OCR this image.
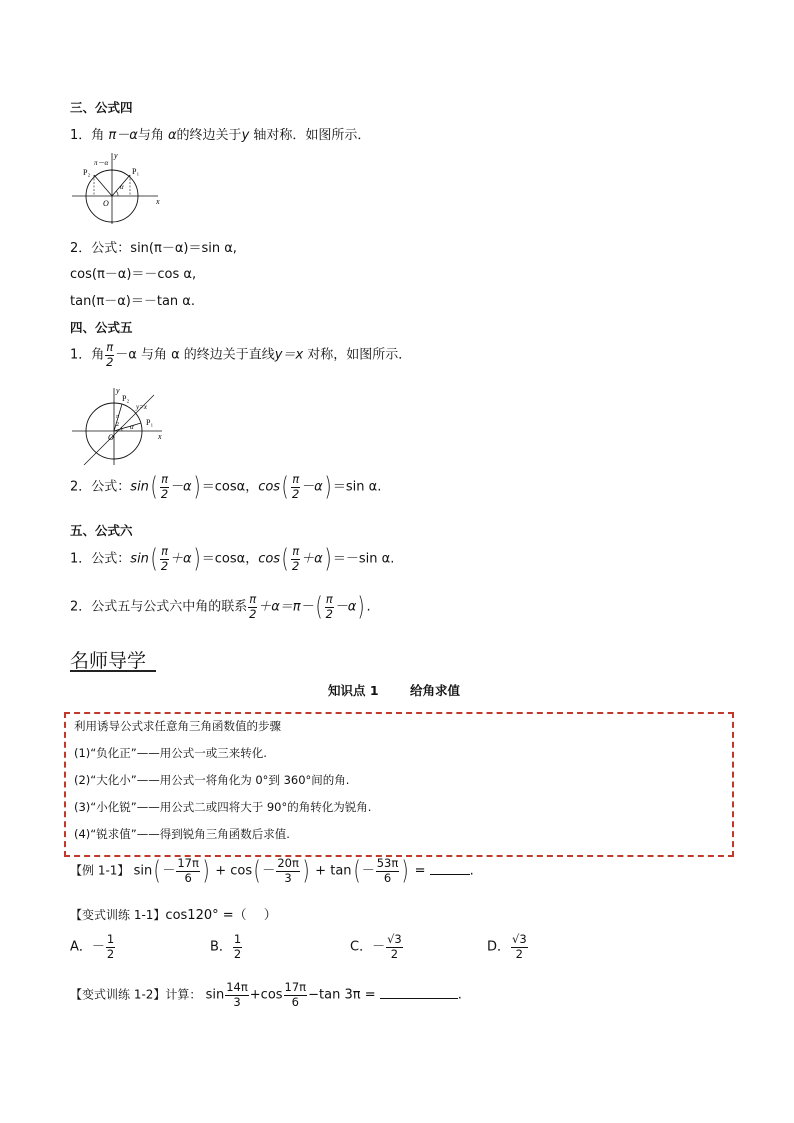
三、公式四
1．角 π－α与角 α的终边关于y 轴对称．如图所示．
P₂	P₁
y
x
O
π－α
α
2．公式：sin(π－α)＝sin α,
cos(π－α)＝－cos α,
tan(π－α)＝－tan α.
四、公式五
1．角 $\frac{\pi}{2} -\alpha$ 与角 α 的终边关于直线y＝x 对称，如图所示．
P₂
P₁
y
x
O
y=x
π
2 α
2．公式：$\sin( \frac{\pi}{2} -\alpha) =\cos\alpha$，$\cos( \frac{\pi}{2} -\alpha) =\sin$ α.
五、公式六
1．公式：$\sin( \frac{\pi}{2} +\alpha) =\cos\alpha$，$\cos( \frac{\pi}{2} +\alpha) =-\sin$ α.
2．公式五与公式六中角的联系 $\frac{\pi}{2} +\alpha=\pi-( \frac{\pi}{2} -\alpha)$ .
名师导学
知识点 1	给角求值
利用诱导公式求任意角三角函数值的步骤
(1)“负化正”——用公式一或三来转化.
(2)“大化小”——用公式一将角化为 0°到 360°间的角.
(3)“小化锐”——用公式二或四将大于 90°的角转化为锐角.
(4)“锐求值”——得到锐角三角函数后求值.
【例 1-1】 $\sin( - \frac{17\pi}{6}$ ) + $\cos( - \frac{20\pi}{3}$ ) + $\tan( - \frac{53\pi}{6}$ ) =	.
【变式训练 1-1】cos120° =（　 ）
A．－ $\frac{1}{2}$	B． $\frac{1}{2}$	C．－ $\frac{√3}{2}$	D． $\frac{√3}{2}$
【变式训练 1-2】计算： $\sin \frac{14\pi}{3} +\cos \frac{17\pi}{6} -\tan$ 3π =	.
